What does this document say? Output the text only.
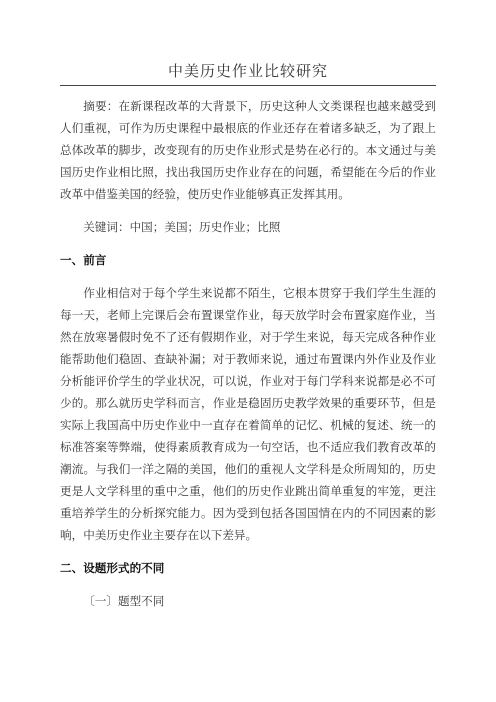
中美历史作业比较研究

摘要：在新课程改革的大背景下，历史这种人文类课程也越来越受到人们重视，可作为历史课程中最根底的作业还存在着诸多缺乏，为了跟上总体改革的脚步，改变现有的历史作业形式是势在必行的。本文通过与美国历史作业相比照，找出我国历史作业存在的问题，希望能在今后的作业改革中借鉴美国的经验，使历史作业能够真正发挥其用。

关键词：中国；美国；历史作业；比照

一、前言

作业相信对于每个学生来说都不陌生，它根本贯穿于我们学生生涯的每一天，老师上完课后会布置课堂作业，每天放学时会布置家庭作业，当然在放寒暑假时免不了还有假期作业，对于学生来说，每天完成各种作业能帮助他们稳固、查缺补漏；对于教师来说，通过布置课内外作业及作业分析能评价学生的学业状况，可以说，作业对于每门学科来说都是必不可少的。那么就历史学科而言，作业是稳固历史教学效果的重要环节，但是实际上我国高中历史作业中一直存在着简单的记忆、机械的复述、统一的标准答案等弊端，使得素质教育成为一句空话，也不适应我们教育改革的潮流。与我们一洋之隔的美国，他们的重视人文学科是众所周知的，历史更是人文学科里的重中之重，他们的历史作业跳出简单重复的牢笼，更注重培养学生的分析探究能力。因为受到包括各国国情在内的不同因素的影响，中美历史作业主要存在以下差异。

二、设题形式的不同

〔一〕题型不同
